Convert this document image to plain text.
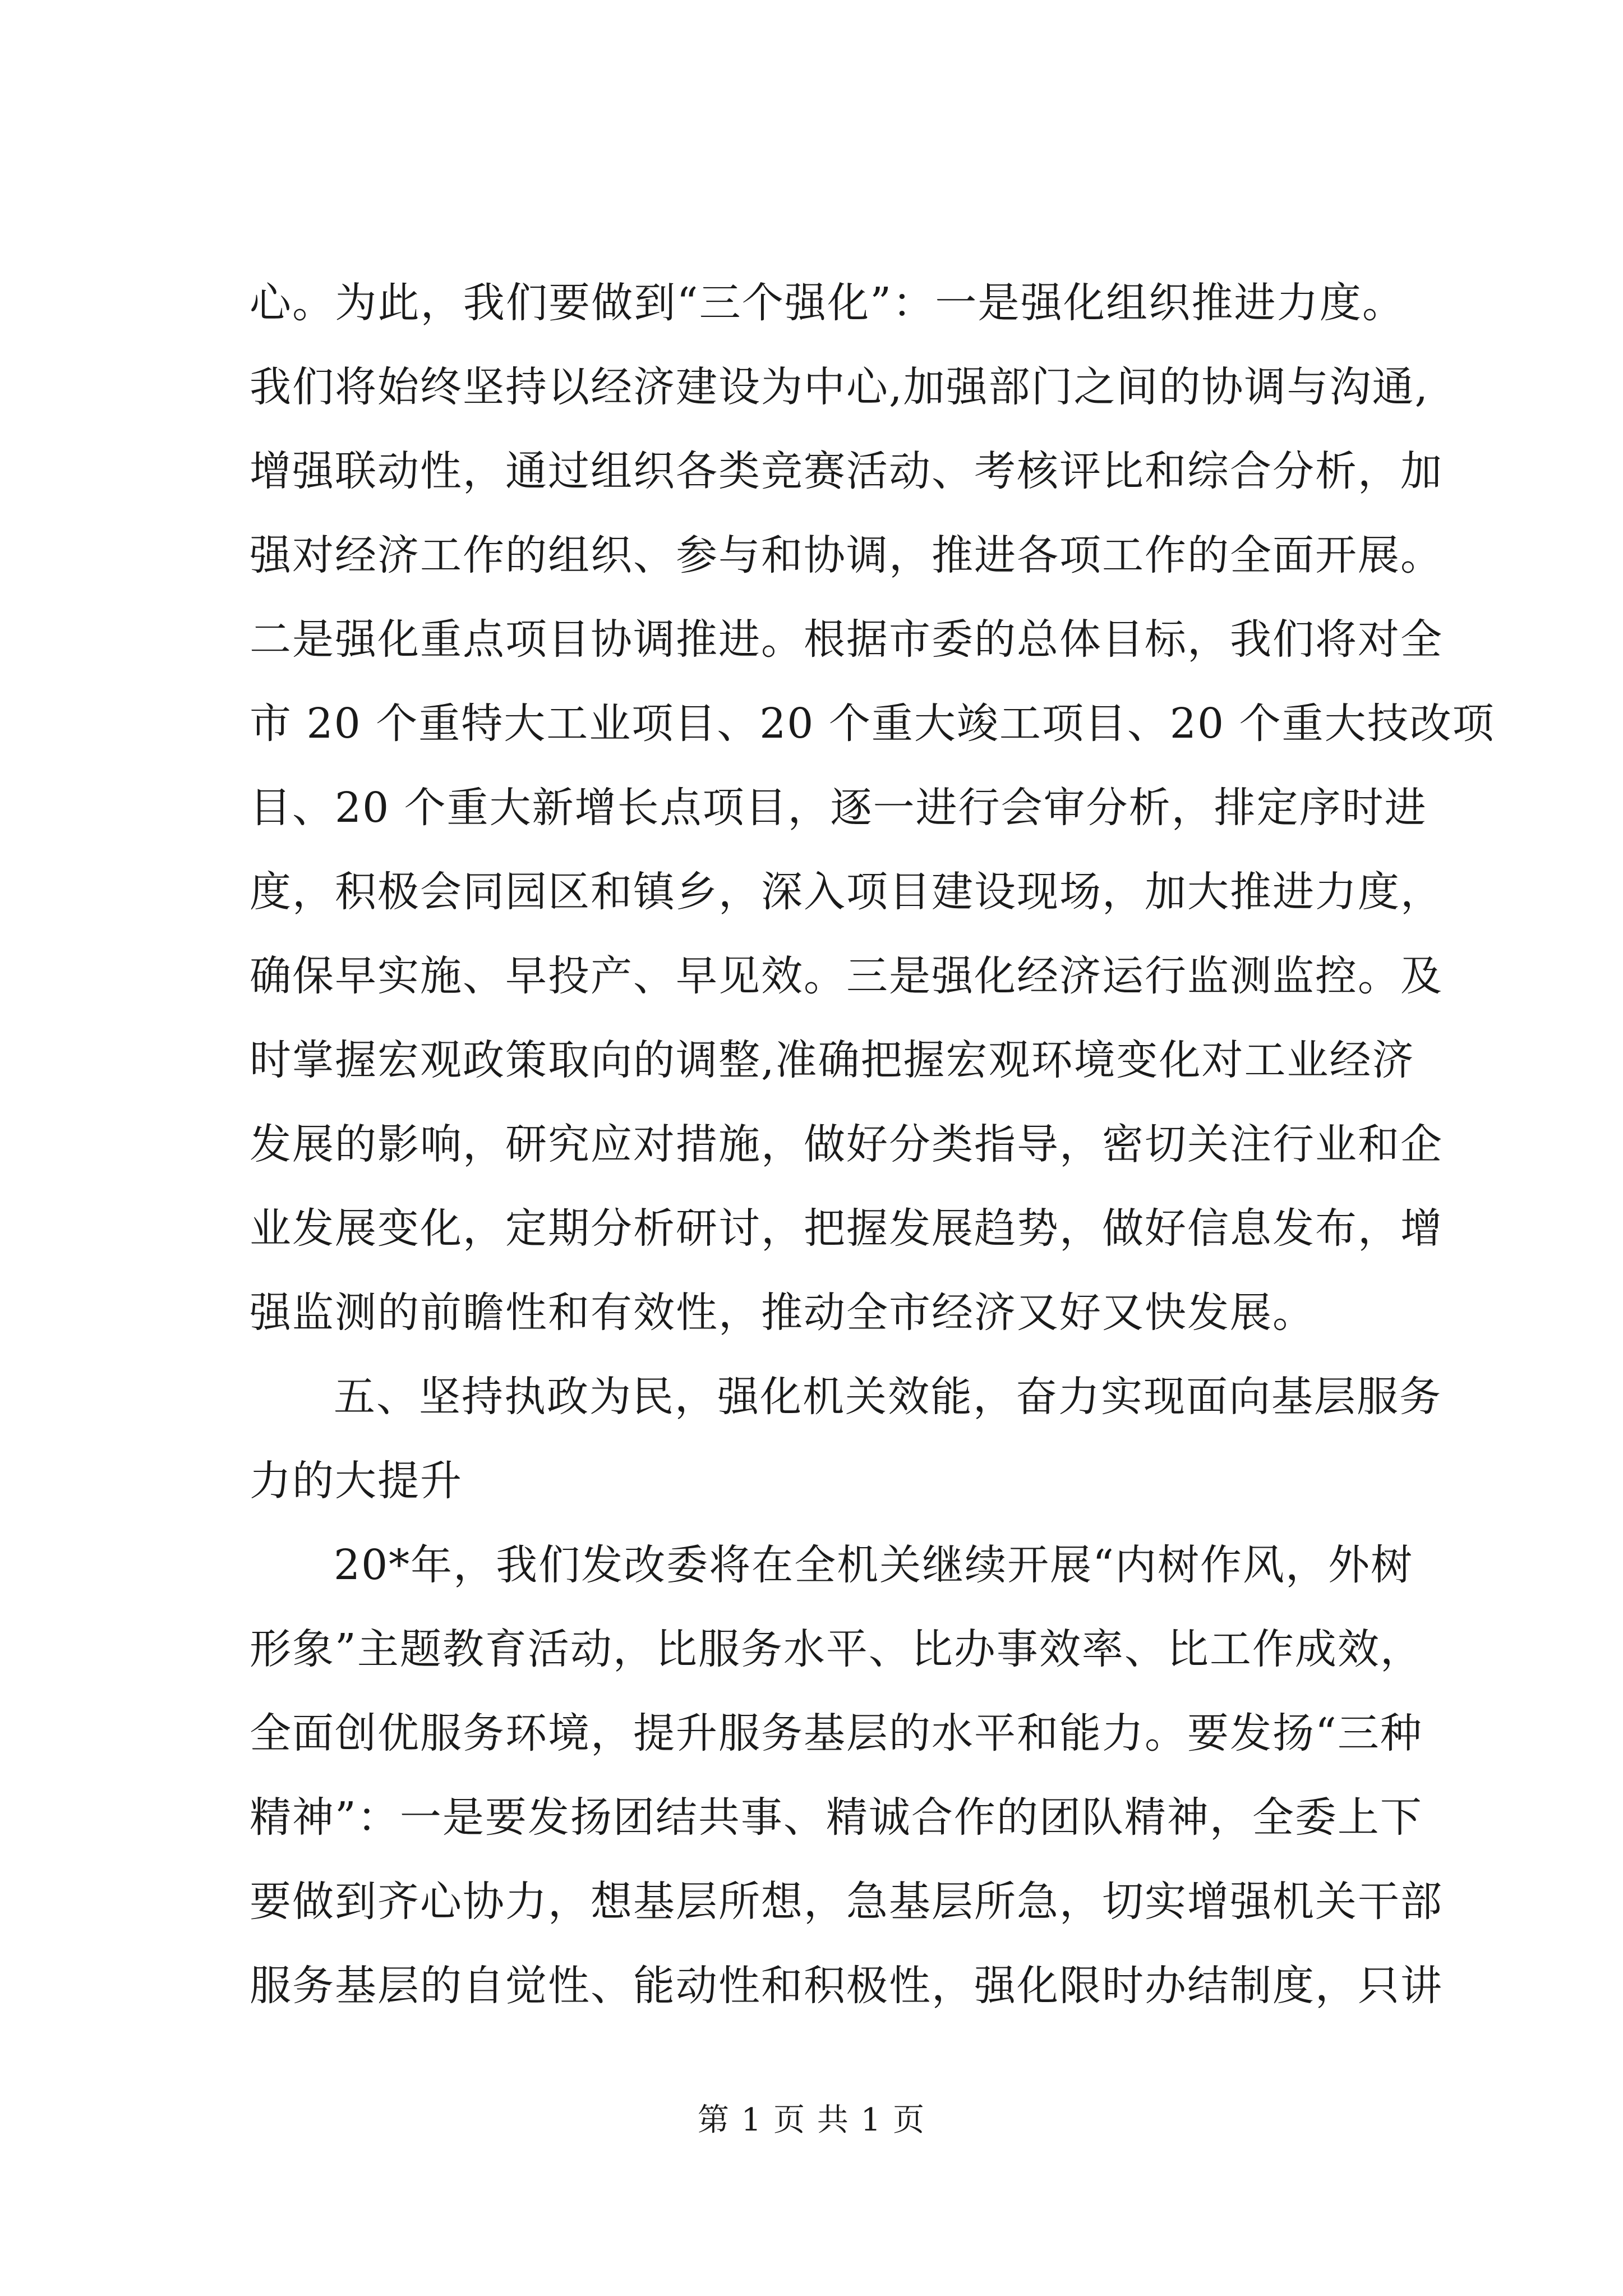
心。为此，我们要做到“三个强化”：一是强化组织推进力度。
我们将始终坚持以经济建设为中心,加强部门之间的协调与沟通,
增强联动性，通过组织各类竞赛活动、考核评比和综合分析，加
强对经济工作的组织、参与和协调，推进各项工作的全面开展。
二是强化重点项目协调推进。根据市委的总体目标，我们将对全
市 20 个重特大工业项目、20 个重大竣工项目、20 个重大技改项
目、20 个重大新增长点项目，逐一进行会审分析，排定序时进
度，积极会同园区和镇乡，深入项目建设现场，加大推进力度，
确保早实施、早投产、早见效。三是强化经济运行监测监控。及
时掌握宏观政策取向的调整,准确把握宏观环境变化对工业经济
发展的影响，研究应对措施，做好分类指导，密切关注行业和企
业发展变化，定期分析研讨，把握发展趋势，做好信息发布，增
强监测的前瞻性和有效性，推动全市经济又好又快发展。
五、坚持执政为民，强化机关效能，奋力实现面向基层服务
力的大提升
20*年，我们发改委将在全机关继续开展“内树作风，外树
形象”主题教育活动，比服务水平、比办事效率、比工作成效，
全面创优服务环境，提升服务基层的水平和能力。要发扬“三种
精神”：一是要发扬团结共事、精诚合作的团队精神，全委上下
要做到齐心协力，想基层所想，急基层所急，切实增强机关干部
服务基层的自觉性、能动性和积极性，强化限时办结制度，只讲
第 1 页 共 1 页
